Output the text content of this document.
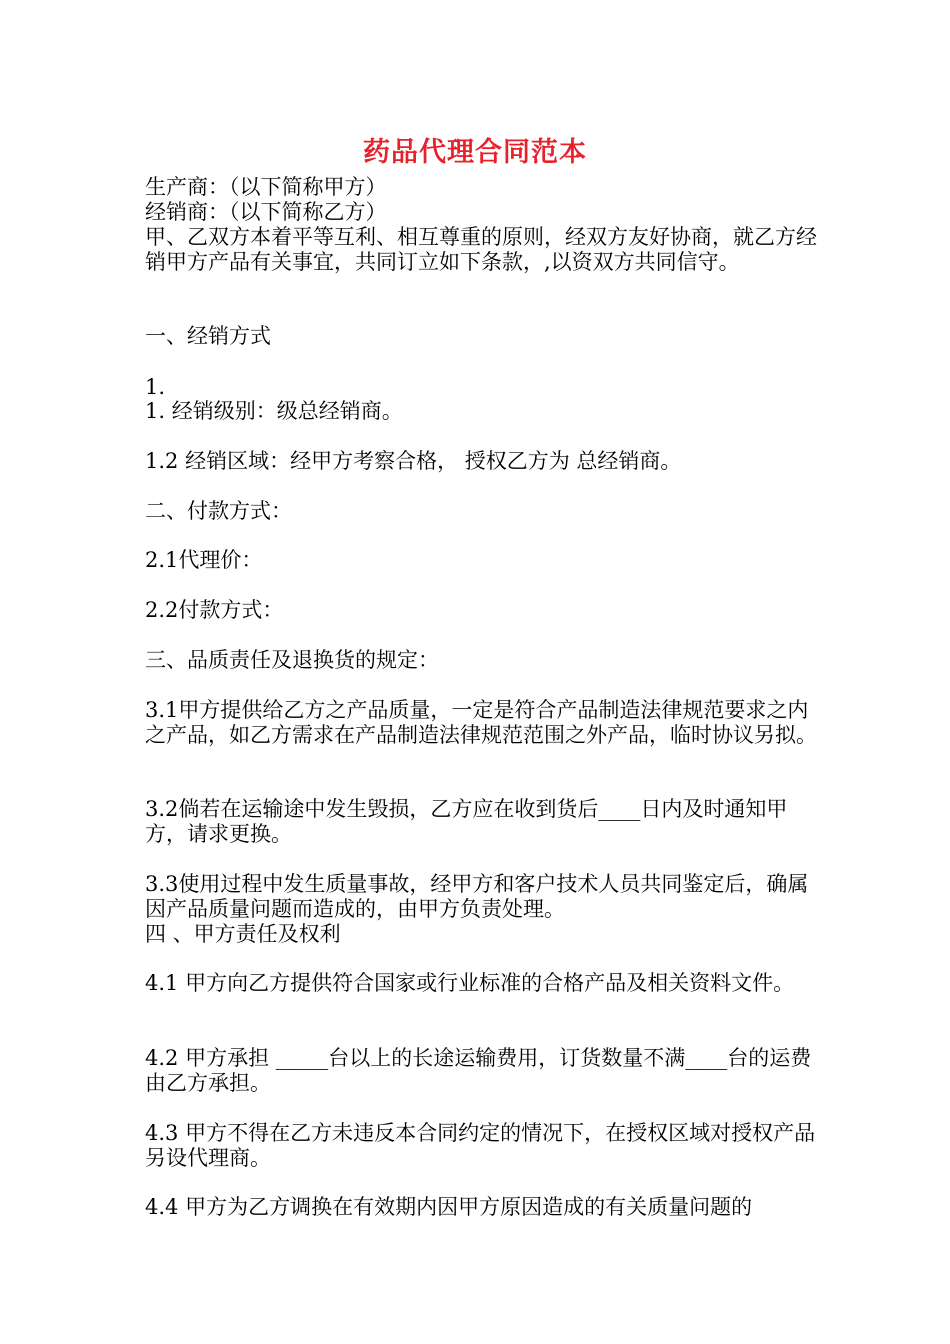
药品代理合同范本
生产商：（以下简称甲方）
经销商：（以下简称乙方）
甲、乙双方本着平等互利、相互尊重的原则，经双方友好协商，就乙方经销甲方产品有关事宜，共同订立如下条款，,以资双方共同信守。
一、经销方式
1.
1. 经销级别：级总经销商。
1.2 经销区域：经甲方考察合格， 授权乙方为 总经销商。
二、付款方式：
2.1代理价：
2.2付款方式：
三、品质责任及退换货的规定：
3.1甲方提供给乙方之产品质量，一定是符合产品制造法律规范要求之内之产品，如乙方需求在产品制造法律规范范围之外产品，临时协议另拟。
3.2倘若在运输途中发生毁损，乙方应在收到货后____日内及时通知甲方，请求更换。
3.3使用过程中发生质量事故，经甲方和客户技术人员共同鉴定后，确属因产品质量问题而造成的，由甲方负责处理。
四 、甲方责任及权利
4.1 甲方向乙方提供符合国家或行业标准的合格产品及相关资料文件。
4.2 甲方承担 _____台以上的长途运输费用，订货数量不满____台的运费由乙方承担。
4.3 甲方不得在乙方未违反本合同约定的情况下，在授权区域对授权产品另设代理商。
4.4 甲方为乙方调换在有效期内因甲方原因造成的有关质量问题的
